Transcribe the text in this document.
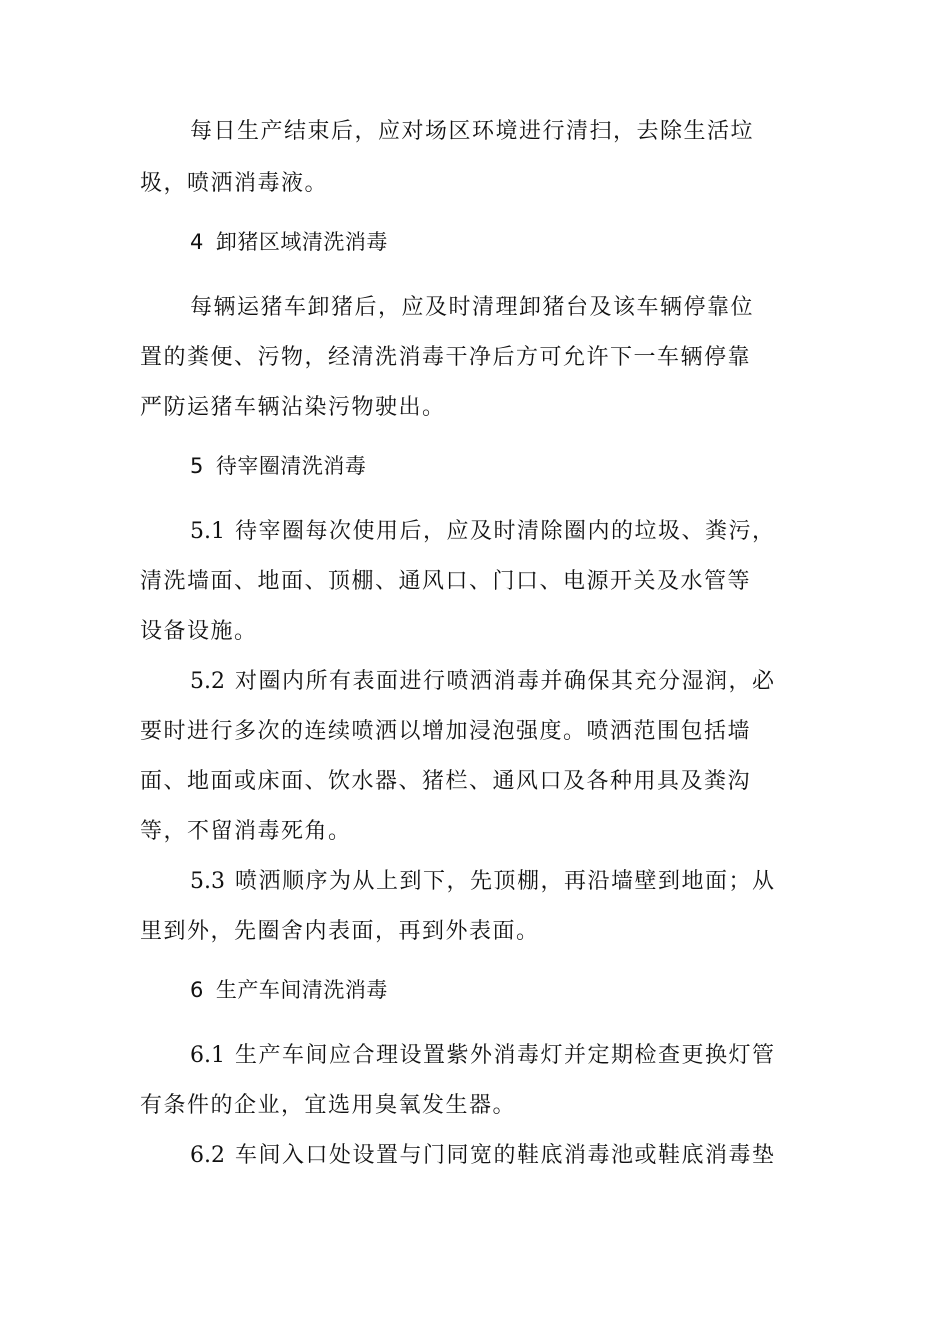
每日生产结束后，应对场区环境进行清扫，去除生活垃
圾，喷洒消毒液。
4 卸猪区域清洗消毒
每辆运猪车卸猪后，应及时清理卸猪台及该车辆停靠位
置的粪便、污物，经清洗消毒干净后方可允许下一车辆停靠
严防运猪车辆沾染污物驶出。
5 待宰圈清洗消毒
5.1 待宰圈每次使用后，应及时清除圈内的垃圾、粪污，
清洗墙面、地面、顶棚、通风口、门口、电源开关及水管等
设备设施。
5.2 对圈内所有表面进行喷洒消毒并确保其充分湿润，必
要时进行多次的连续喷洒以增加浸泡强度。喷洒范围包括墙
面、地面或床面、饮水器、猪栏、通风口及各种用具及粪沟
等，不留消毒死角。
5.3 喷洒顺序为从上到下，先顶棚，再沿墙壁到地面；从
里到外，先圈舍内表面，再到外表面。
6 生产车间清洗消毒
6.1 生产车间应合理设置紫外消毒灯并定期检查更换灯管
有条件的企业，宜选用臭氧发生器。
6.2 车间入口处设置与门同宽的鞋底消毒池或鞋底消毒垫
